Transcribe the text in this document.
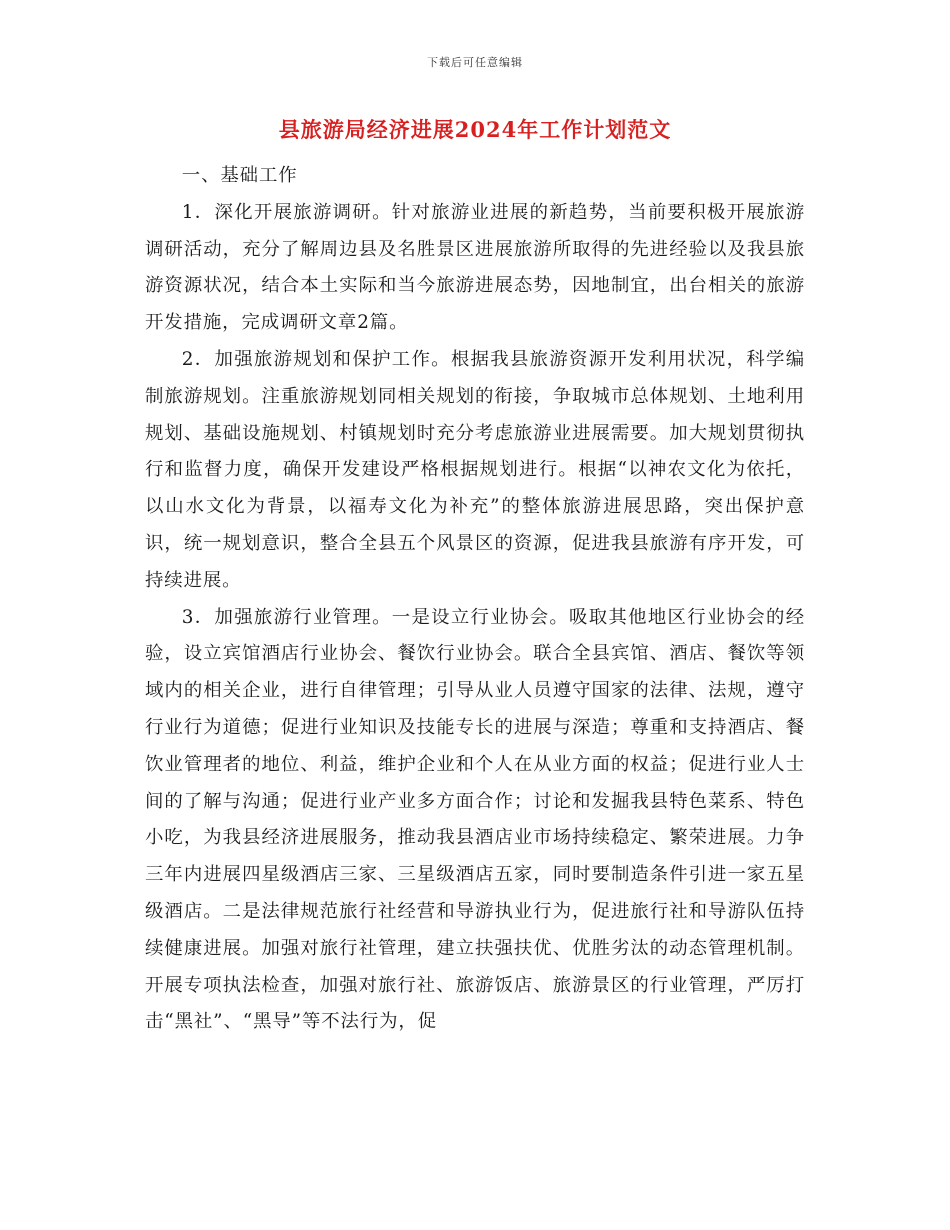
下载后可任意编辑
县旅游局经济进展2024年工作计划范文

一、基础工作

1．深化开展旅游调研。针对旅游业进展的新趋势，当前要积极开展旅游调研活动，充分了解周边县及名胜景区进展旅游所取得的先进经验以及我县旅游资源状况，结合本土实际和当今旅游进展态势，因地制宜，出台相关的旅游开发措施，完成调研文章2篇。

2．加强旅游规划和保护工作。根据我县旅游资源开发利用状况，科学编制旅游规划。注重旅游规划同相关规划的衔接，争取城市总体规划、土地利用规划、基础设施规划、村镇规划时充分考虑旅游业进展需要。加大规划贯彻执行和监督力度，确保开发建设严格根据规划进行。根据“以神农文化为依托，以山水文化为背景，以福寿文化为补充”的整体旅游进展思路，突出保护意识，统一规划意识，整合全县五个风景区的资源，促进我县旅游有序开发，可持续进展。

3．加强旅游行业管理。一是设立行业协会。吸取其他地区行业协会的经验，设立宾馆酒店行业协会、餐饮行业协会。联合全县宾馆、酒店、餐饮等领域内的相关企业，进行自律管理；引导从业人员遵守国家的法律、法规，遵守行业行为道德；促进行业知识及技能专长的进展与深造；尊重和支持酒店、餐饮业管理者的地位、利益，维护企业和个人在从业方面的权益；促进行业人士间的了解与沟通；促进行业产业多方面合作；讨论和发掘我县特色菜系、特色小吃，为我县经济进展服务，推动我县酒店业市场持续稳定、繁荣进展。力争三年内进展四星级酒店三家、三星级酒店五家，同时要制造条件引进一家五星级酒店。二是法律规范旅行社经营和导游执业行为，促进旅行社和导游队伍持续健康进展。加强对旅行社管理，建立扶强扶优、优胜劣汰的动态管理机制。开展专项执法检查，加强对旅行社、旅游饭店、旅游景区的行业管理，严厉打击“黑社”、“黑导”等不法行为，促
